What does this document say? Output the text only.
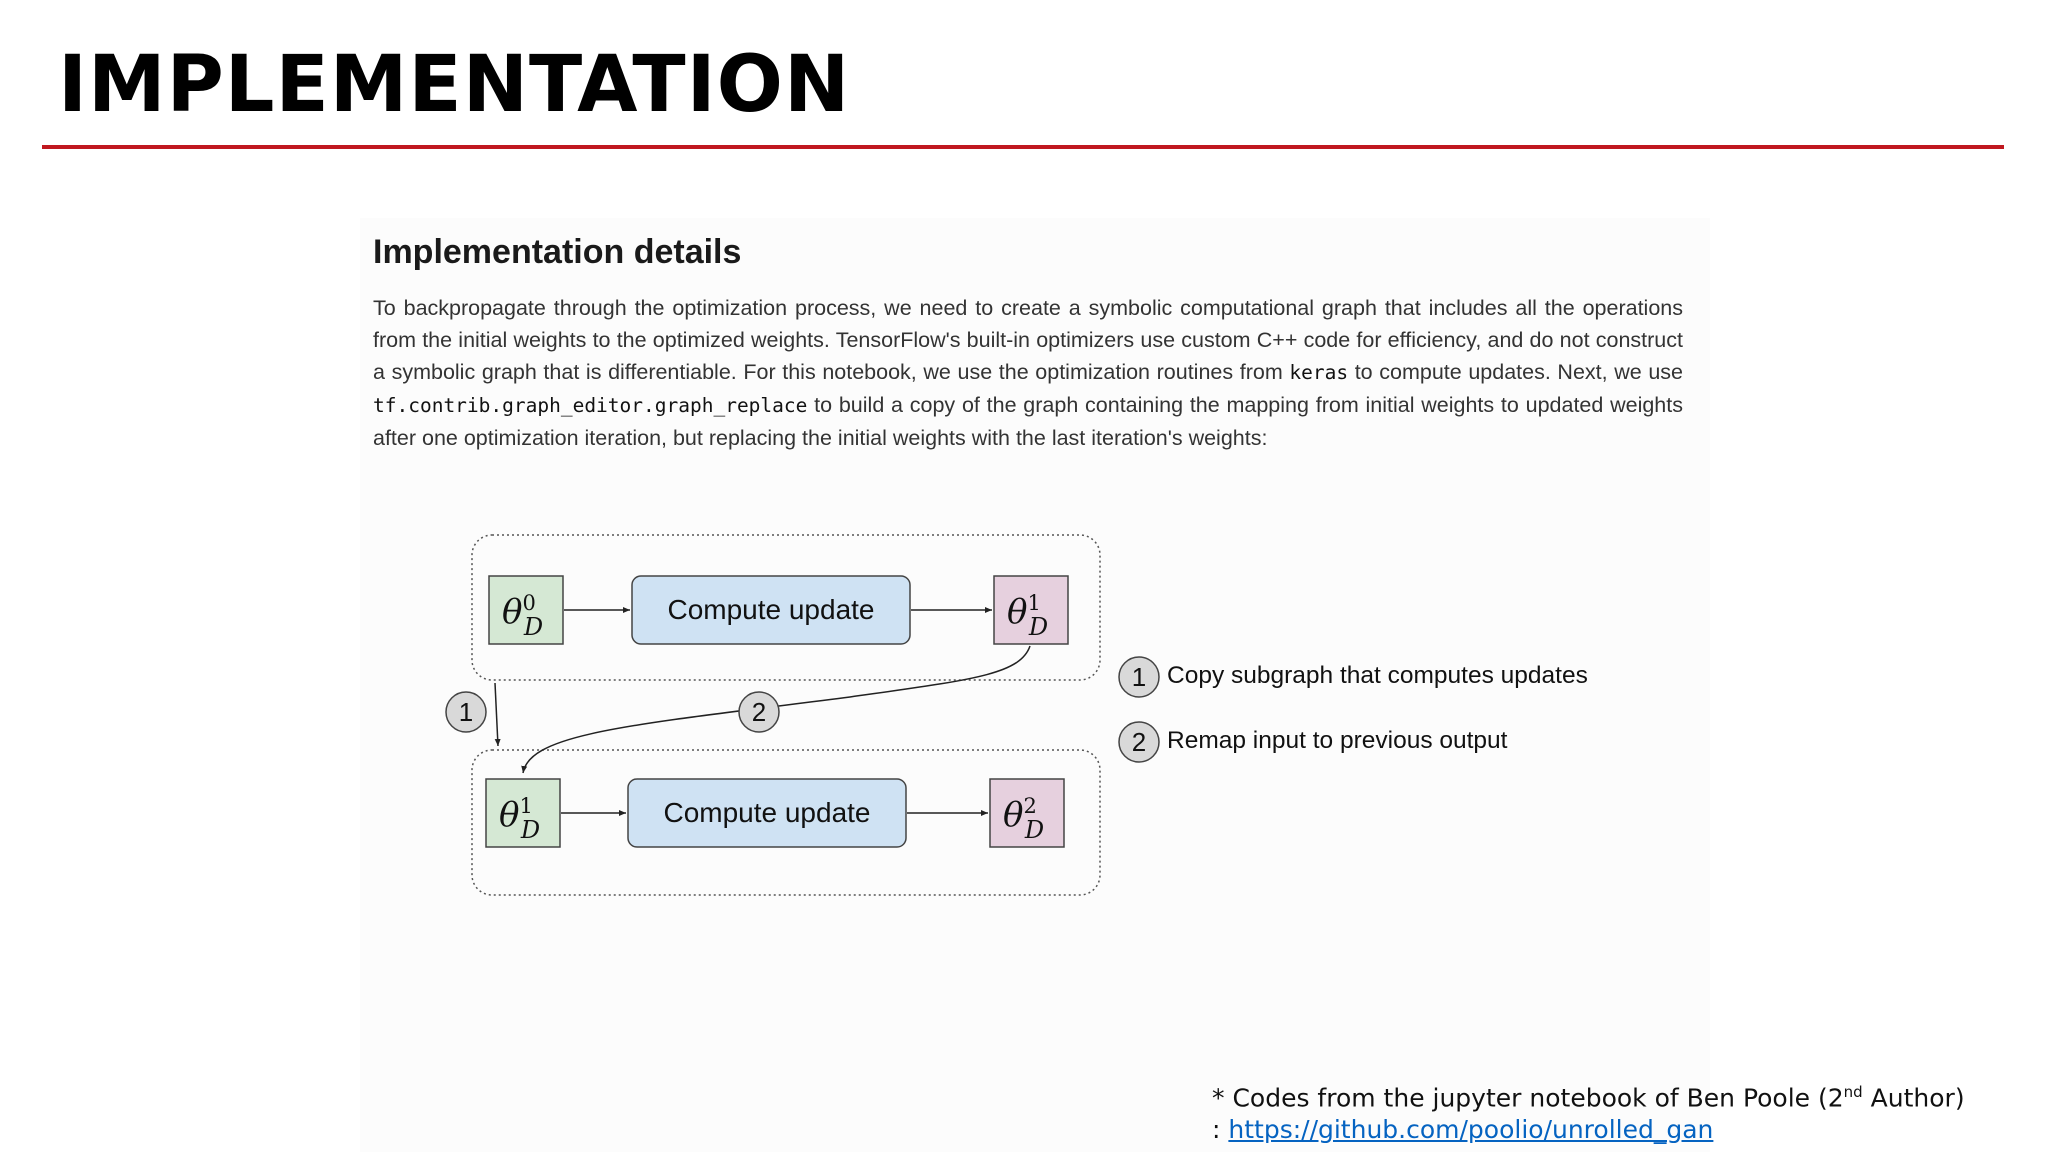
IMPLEMENTATION
Implementation details

To backpropagate through the optimization process, we need to create a symbolic computational graph that includes all the operations from the initial weights to the optimized weights. TensorFlow's built-in optimizers use custom C++ code for efficiency, and do not construct a symbolic graph that is differentiable. For this notebook, we use the optimization routines from keras to compute updates. Next, we use tf.contrib.graph_editor.graph_replace to build a copy of the graph containing the mapping from initial weights to updated weights after one optimization iteration, but replacing the initial weights with the last iteration's weights:

$\theta^0$ D
Compute update	$\theta^1$ D
1	2
$\theta^1$ D
Compute update	$\theta^2$ D
1 Copy subgraph that computes updates
2 Remap input to previous output
* Codes from the jupyter notebook of Ben Poole (2nd Author)
: https://github.com/poolio/unrolled_gan
